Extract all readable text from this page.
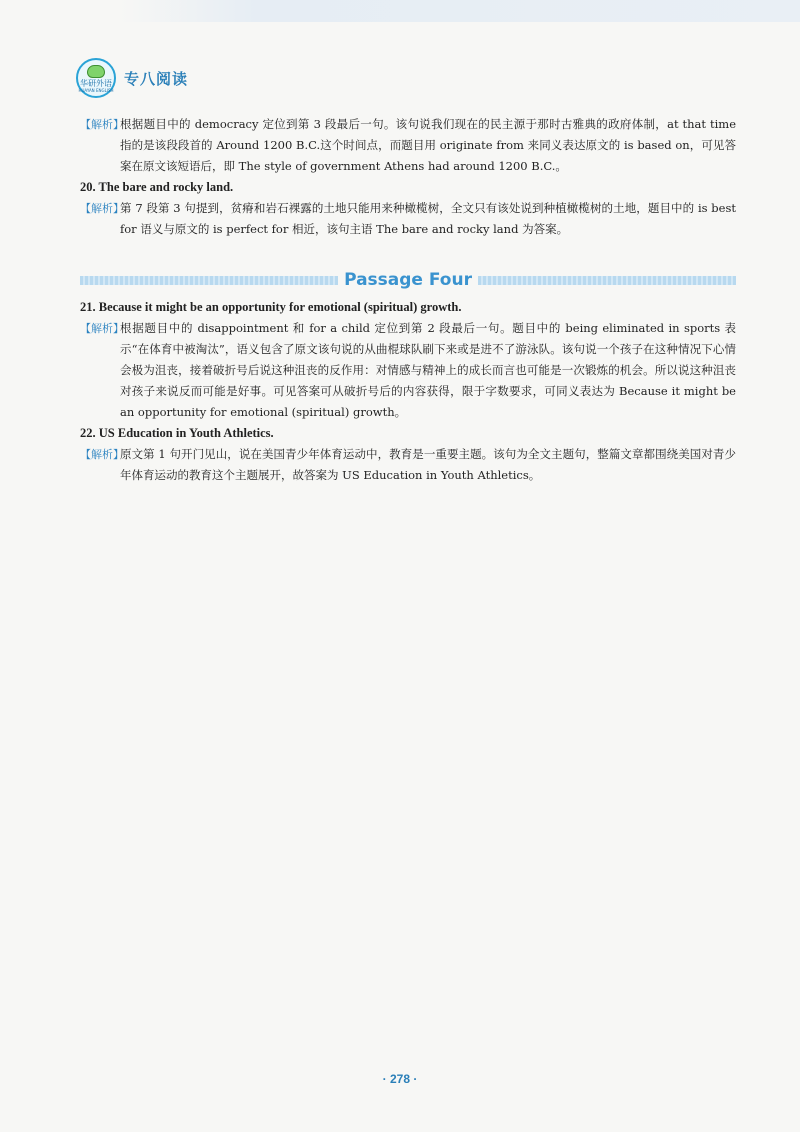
华研外语
HUAYAN ENGLISH
专八阅读
【解析】
根据题目中的 democracy 定位到第 3 段最后一句。该句说我们现在的民主源于那时古雅典的政府体制，at that time 指的是该段段首的 Around 1200 B.C.这个时间点，而题目用 originate from 来同义表达原文的 is based on，可见答案在原文该短语后，即 The style of government Athens had around 1200 B.C.。

20. The bare and rocky land.

【解析】
第 7 段第 3 句提到，贫瘠和岩石裸露的土地只能用来种橄榄树，全文只有该处说到种植橄榄树的土地，题目中的 is best for 语义与原文的 is perfect for 相近，该句主语 The bare and rocky land 为答案。
Passage Four

21. Because it might be an opportunity for emotional (spiritual) growth.

【解析】
根据题目中的 disappointment 和 for a child 定位到第 2 段最后一句。题目中的 being eliminated in sports 表示“在体育中被淘汰”，语义包含了原文该句说的从曲棍球队刷下来或是进不了游泳队。该句说一个孩子在这种情况下心情会极为沮丧，接着破折号后说这种沮丧的反作用：对情感与精神上的成长而言也可能是一次锻炼的机会。所以说这种沮丧对孩子来说反而可能是好事。可见答案可从破折号后的内容获得，限于字数要求，可同义表达为 Because it might be an opportunity for emotional (spiritual) growth。

22. US Education in Youth Athletics.

【解析】
原文第 1 句开门见山，说在美国青少年体育运动中，教育是一重要主题。该句为全文主题句，整篇文章都围绕美国对青少年体育运动的教育这个主题展开，故答案为 US Education in Youth Athletics。
· 278 ·
